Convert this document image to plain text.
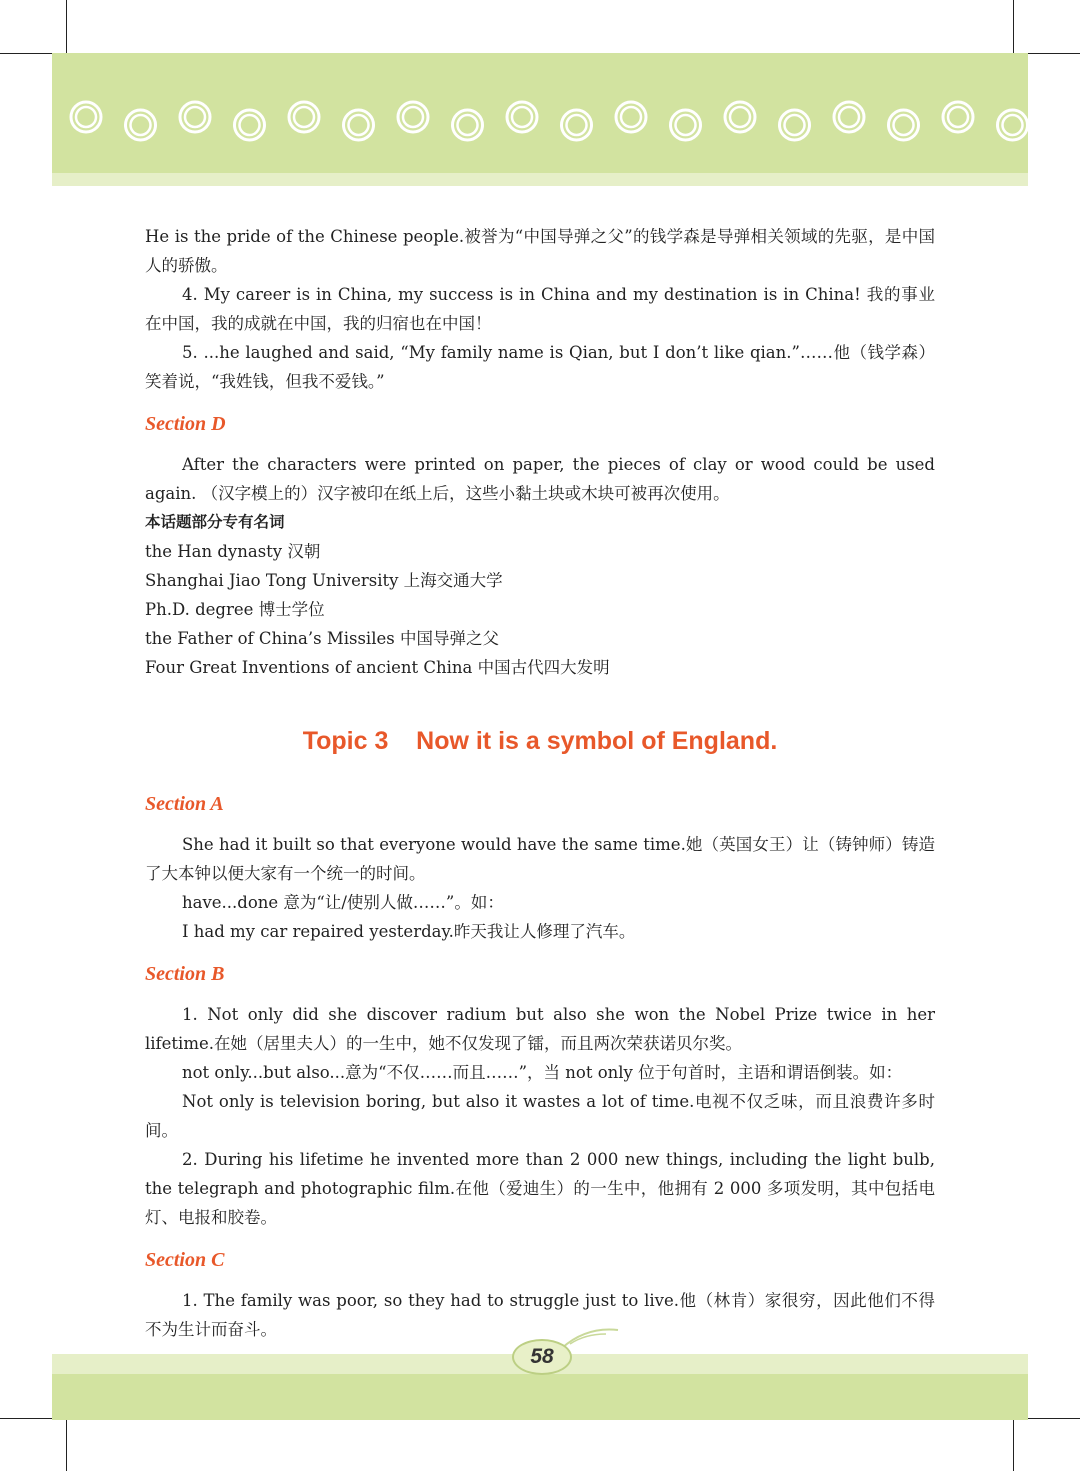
He is the pride of the Chinese people.被誉为“中国导弹之父”的钱学森是导弹相关领域的先驱，是中国人的骄傲。

4. My career is in China, my success is in China and my destination is in China! 我的事业在中国，我的成就在中国，我的归宿也在中国！

5. ...he laughed and said, “My family name is Qian, but I don’t like qian.”……他（钱学森）笑着说，“我姓钱，但我不爱钱。”

Section D

After the characters were printed on paper, the pieces of clay or wood could be used again. （汉字模上的）汉字被印在纸上后，这些小黏土块或木块可被再次使用。

本话题部分专有名词

the Han dynasty 汉朝

Shanghai Jiao Tong University 上海交通大学

Ph.D. degree 博士学位

the Father of China’s Missiles 中国导弹之父

Four Great Inventions of ancient China 中国古代四大发明

Topic 3    Now it is a symbol of England.

Section A

She had it built so that everyone would have the same time.她（英国女王）让（铸钟师）铸造了大本钟以便大家有一个统一的时间。

have...done 意为“让/使别人做……”。如：

I had my car repaired yesterday.昨天我让人修理了汽车。

Section B

1. Not only did she discover radium but also she won the Nobel Prize twice in her lifetime.在她（居里夫人）的一生中，她不仅发现了镭，而且两次荣获诺贝尔奖。

not only...but also...意为“不仅……而且……”，当 not only 位于句首时，主语和谓语倒装。如：

Not only is television boring, but also it wastes a lot of time.电视不仅乏味，而且浪费许多时间。

2. During his lifetime he invented more than 2 000 new things, including the light bulb, the telegraph and photographic film.在他（爱迪生）的一生中，他拥有 2 000 多项发明，其中包括电灯、电报和胶卷。

Section C

1. The family was poor, so they had to struggle just to live.他（林肯）家很穷，因此他们不得不为生计而奋斗。

58
